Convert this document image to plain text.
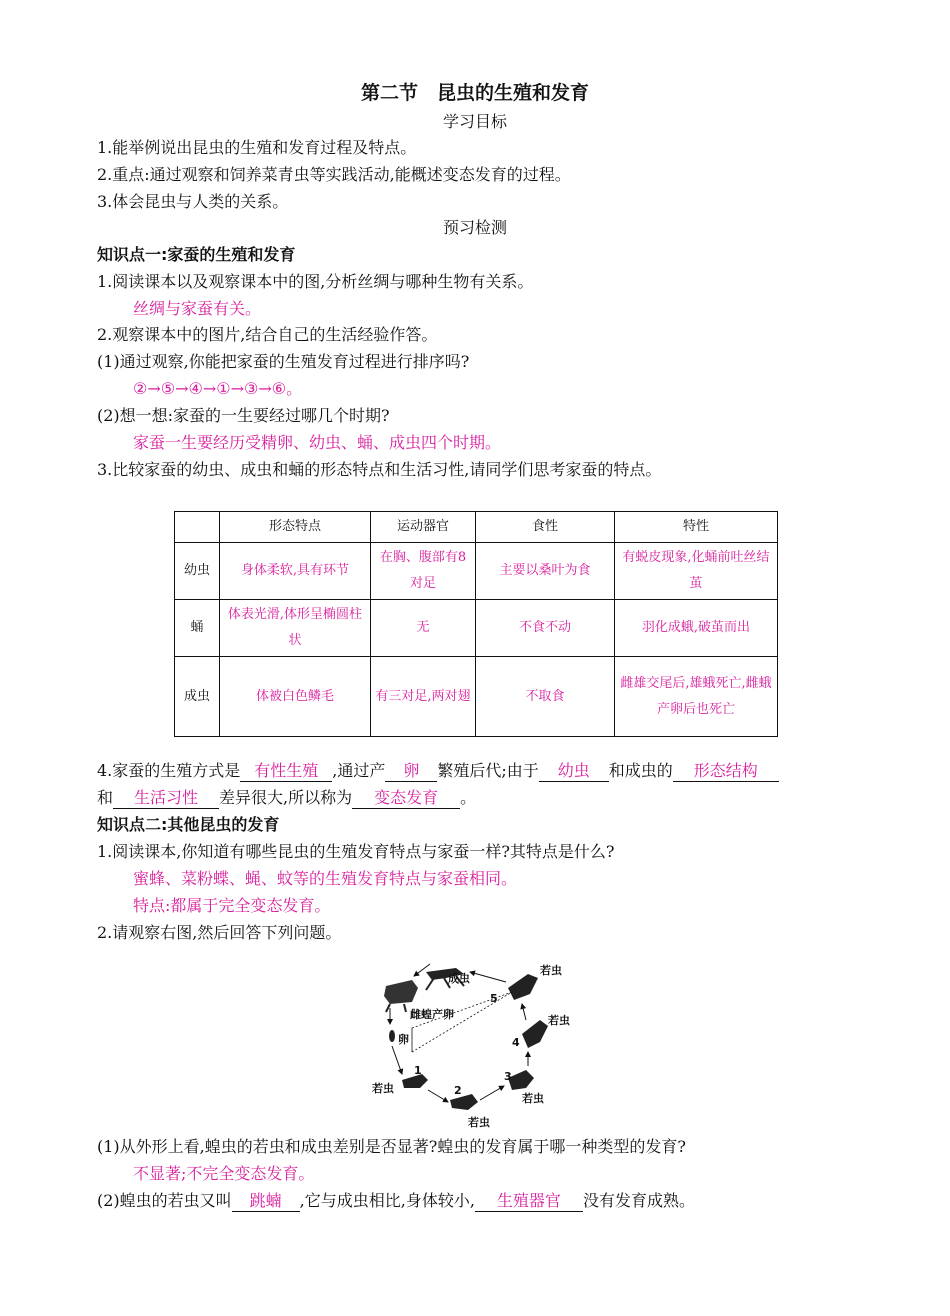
第二节　昆虫的生殖和发育
学习目标
1.能举例说出昆虫的生殖和发育过程及特点。
2.重点:通过观察和饲养菜青虫等实践活动,能概述变态发育的过程。
3.体会昆虫与人类的关系。
预习检测
知识点一:家蚕的生殖和发育
1.阅读课本以及观察课本中的图,分析丝绸与哪种生物有关系。
丝绸与家蚕有关。
2.观察课本中的图片,结合自己的生活经验作答。
(1)通过观察,你能把家蚕的生殖发育过程进行排序吗?
②→⑤→④→①→③→⑥。
(2)想一想:家蚕的一生要经过哪几个时期?
家蚕一生要经历受精卵、幼虫、蛹、成虫四个时期。
3.比较家蚕的幼虫、成虫和蛹的形态特点和生活习性,请同学们思考家蚕的特点。
	形态特点	运动器官	食性	特性
幼虫	身体柔软,具有环节	在胸、腹部有8对足	主要以桑叶为食	有蜕皮现象,化蛹前吐丝结茧
蛹	体表光滑,体形呈椭圆柱状	无	不食不动	羽化成蛾,破茧而出
成虫	体被白色鳞毛	有三对足,两对翅	不取食	雌雄交尾后,雄蛾死亡,雌蛾产卵后也死亡
4.家蚕的生殖方式是 有性生殖 ,通过产 卵 繁殖后代;由于 幼虫 和成虫的 形态结构
和 生活习性 差异很大,所以称为 变态发育 。
知识点二:其他昆虫的发育
1.阅读课本,你知道有哪些昆虫的生殖发育特点与家蚕一样?其特点是什么?
蜜蜂、菜粉蝶、蝇、蚊等的生殖发育特点与家蚕相同。
特点:都属于完全变态发育。
2.请观察右图,然后回答下列问题。
成虫
雌蝗产卵
卵
若虫
若虫
若虫
若虫
若虫
1
2
3
4
5
(1)从外形上看,蝗虫的若虫和成虫差别是否显著?蝗虫的发育属于哪一种类型的发育?
不显著;不完全变态发育。
(2)蝗虫的若虫又叫 跳蝻 ,它与成虫相比,身体较小, 生殖器官 没有发育成熟。
